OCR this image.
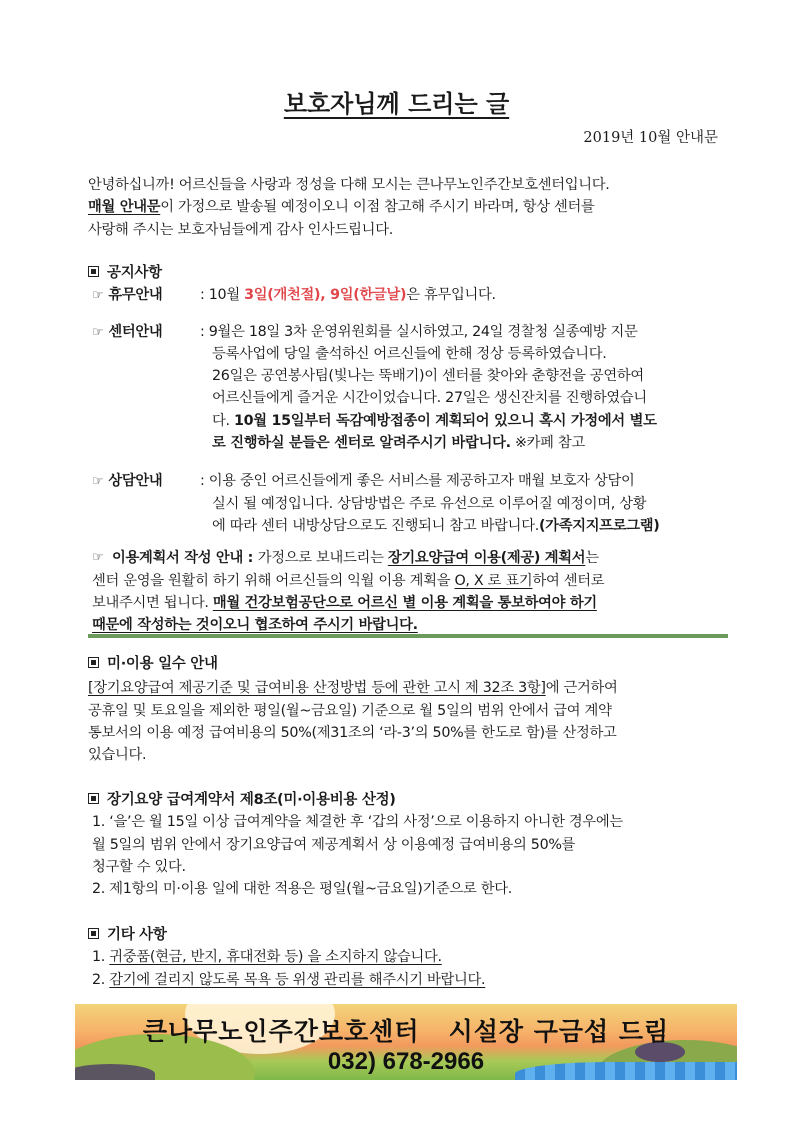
보호자님께 드리는 글
2019년 10월 안내문
안녕하십니까! 어르신들을 사랑과 정성을 다해 모시는 큰나무노인주간보호센터입니다.
매월 안내문이 가정으로 발송될 예정이오니 이점 참고해 주시기 바라며, 항상 센터를
사랑해 주시는 보호자님들에게 감사 인사드립니다.
공지사항
☞ 휴무안내	: 10월 3일(개천절), 9일(한글날)은 휴무입니다.
☞ 센터안내	: 9월은 18일 3차 운영위원회를 실시하였고, 24일 경찰청 실종예방 지문
등록사업에 당일 출석하신 어르신들에 한해 정상 등록하였습니다.
26일은 공연봉사팀(빛나는 뚝배기)이 센터를 찾아와 춘향전을 공연하여
어르신들에게 즐거운 시간이었습니다. 27일은 생신잔치를 진행하였습니
다. 10월 15일부터 독감예방접종이 계획되어 있으니 혹시 가정에서 별도
로 진행하실 분들은 센터로 알려주시기 바랍니다. ※카페 참고
☞ 상담안내	: 이용 중인 어르신들에게 좋은 서비스를 제공하고자 매월 보호자 상담이
실시 될 예정입니다. 상담방법은 주로 유선으로 이루어질 예정이며, 상황
에 따라 센터 내방상담으로도 진행되니 참고 바랍니다.(가족지지프로그램)
☞ 이용계획서 작성 안내 : 가정으로 보내드리는 장기요양급여 이용(제공) 계획서는
센터 운영을 원활히 하기 위해 어르신들의 익월 이용 계획을 O, X 로 표기하여 센터로
보내주시면 됩니다. 매월 건강보험공단으로 어르신 별 이용 계획을 통보하여야 하기
때문에 작성하는 것이오니 협조하여 주시기 바랍니다.
미·이용 일수 안내
[장기요양급여 제공기준 및 급여비용 산정방법 등에 관한 고시 제 32조 3항]에 근거하여
공휴일 및 토요일을 제외한 평일(월~금요일) 기준으로 월 5일의 범위 안에서 급여 계약
통보서의 이용 예정 급여비용의 50%(제31조의 ‘라-3’의 50%를 한도로 함)를 산정하고
있습니다.
장기요양 급여계약서 제8조(미·이용비용 산정)
1. ‘을’은 월 15일 이상 급여계약을 체결한 후 ‘갑의 사정’으로 이용하지 아니한 경우에는
월 5일의 범위 안에서 장기요양급여 제공계획서 상 이용예정 급여비용의 50%를
청구할 수 있다.
2. 제1항의 미·이용 일에 대한 적용은 평일(월~금요일)기준으로 한다.
기타 사항
1. 귀중품(현금, 반지, 휴대전화 등) 을 소지하지 않습니다.
2. 감기에 걸리지 않도록 목욕 등 위생 관리를 해주시기 바랍니다.
큰나무노인주간보호센터   시설장 구금섭 드림
032) 678-2966
